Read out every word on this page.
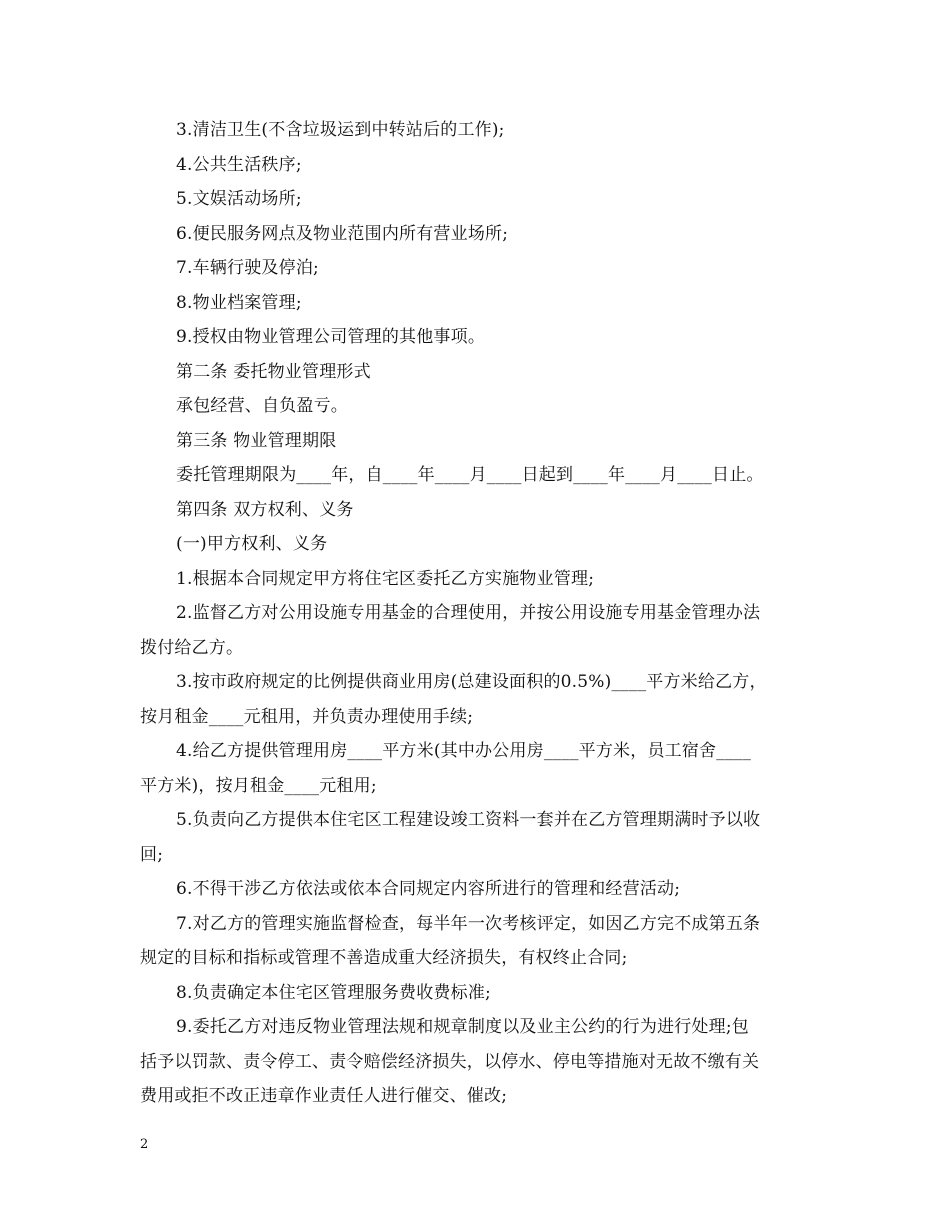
3.清洁卫生(不含垃圾运到中转站后的工作);
4.公共生活秩序;
5.文娱活动场所;
6.便民服务网点及物业范围内所有营业场所;
7.车辆行驶及停泊;
8.物业档案管理;
9.授权由物业管理公司管理的其他事项。
第二条 委托物业管理形式
承包经营、自负盈亏。
第三条 物业管理期限
委托管理期限为____年，自____年____月____日起到____年____月____日止。
第四条 双方权利、义务
(一)甲方权利、义务
1.根据本合同规定甲方将住宅区委托乙方实施物业管理;
2.监督乙方对公用设施专用基金的合理使用，并按公用设施专用基金管理办法
拨付给乙方。
3.按市政府规定的比例提供商业用房(总建设面积的0.5%)____平方米给乙方，
按月租金____元租用，并负责办理使用手续;
4.给乙方提供管理用房____平方米(其中办公用房____平方米，员工宿舍____
平方米)，按月租金____元租用;
5.负责向乙方提供本住宅区工程建设竣工资料一套并在乙方管理期满时予以收
回;
6.不得干涉乙方依法或依本合同规定内容所进行的管理和经营活动;
7.对乙方的管理实施监督检查，每半年一次考核评定，如因乙方完不成第五条
规定的目标和指标或管理不善造成重大经济损失，有权终止合同;
8.负责确定本住宅区管理服务费收费标准;
9.委托乙方对违反物业管理法规和规章制度以及业主公约的行为进行处理;包
括予以罚款、责令停工、责令赔偿经济损失，以停水、停电等措施对无故不缴有关
费用或拒不改正违章作业责任人进行催交、催改;
2
